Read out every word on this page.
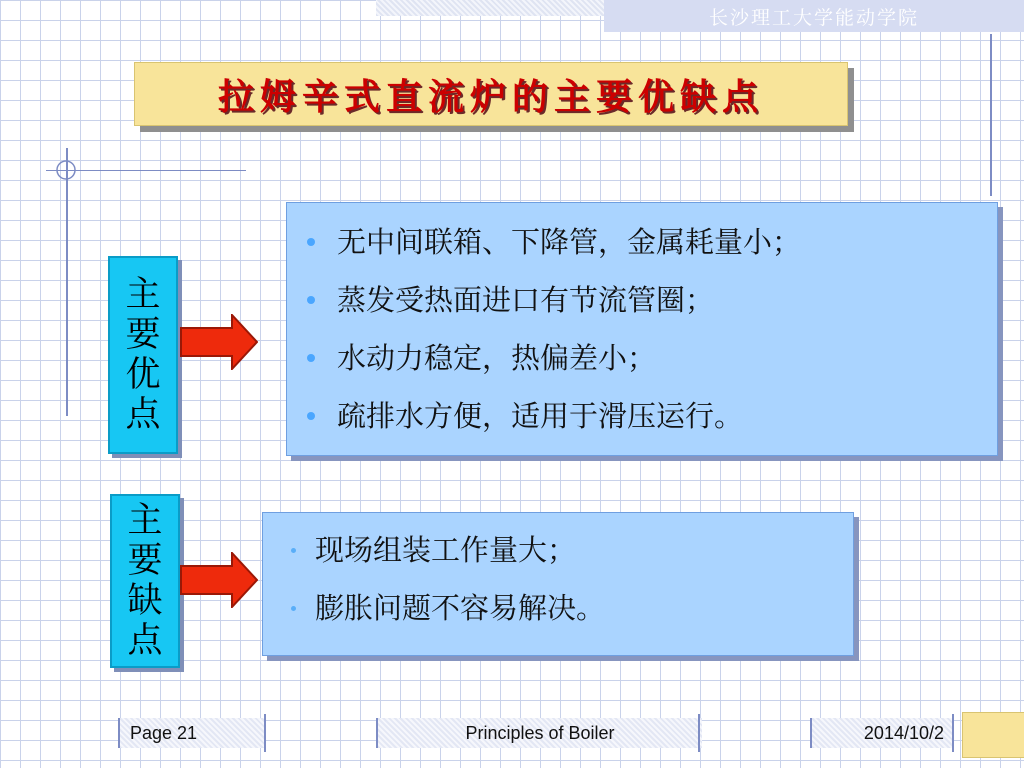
长沙理工大学能动学院
拉姆辛式直流炉的主要优缺点
主
要
优
点
无中间联箱、下降管，金属耗量小；
蒸发受热面进口有节流管圈；
水动力稳定，热偏差小；
疏排水方便，适用于滑压运行。
主
要
缺
点
现场组装工作量大；
膨胀问题不容易解决。
Page 21	Principles of Boiler	2014/10/2
